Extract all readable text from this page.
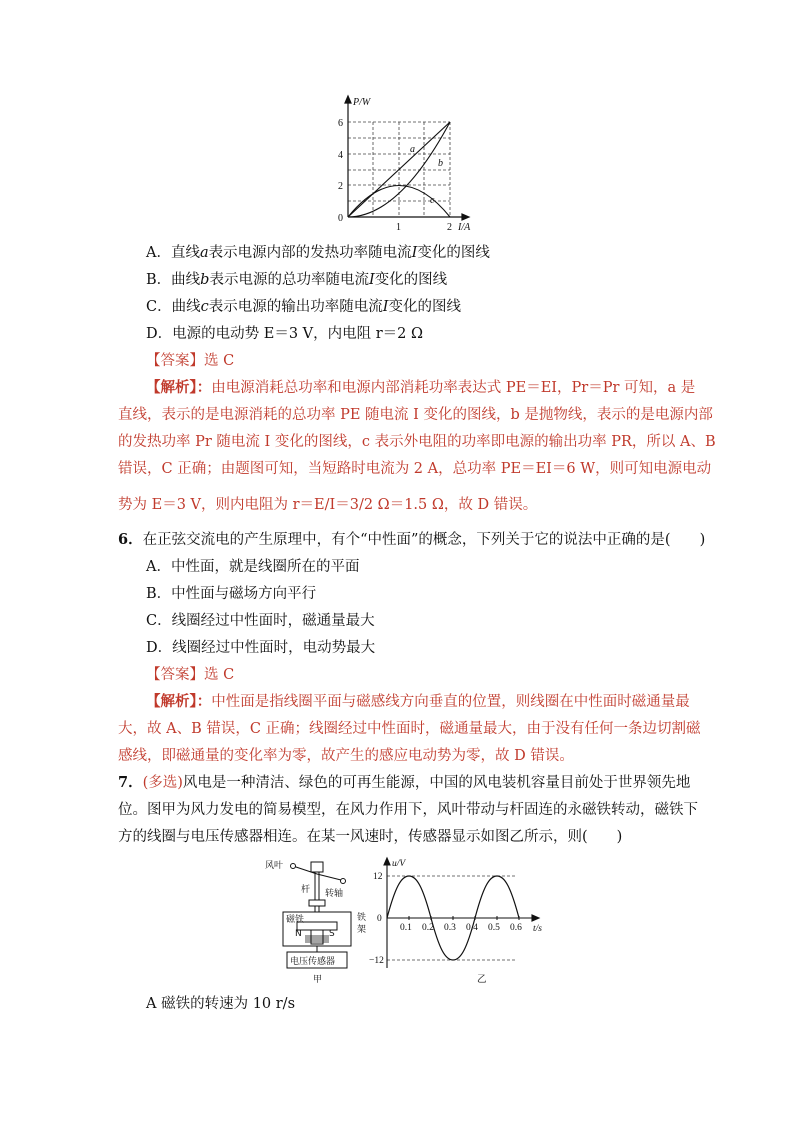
0
2
4
6
1	2
P/W
I/A
a
b
c
A．直线a表示电源内部的发热功率随电流I变化的图线
B．曲线b表示电源的总功率随电流I变化的图线
C．曲线c表示电源的输出功率随电流I变化的图线
D．电源的电动势 E＝3 V，内电阻 r＝2 Ω
【答案】选 C
【解析】：由电源消耗总功率和电源内部消耗功率表达式 PE＝EI，Pr＝Pr 可知，a 是
直线，表示的是电源消耗的总功率 PE 随电流 I 变化的图线，b 是抛物线，表示的是电源内部
的发热功率 Pr 随电流 I 变化的图线，c 表示外电阻的功率即电源的输出功率 PR，所以 A、B
错误，C 正确；由题图可知，当短路时电流为 2 A，总功率 PE＝EI＝6 W，则可知电源电动
势为 E＝3 V，则内电阻为 r＝E/I＝3/2 Ω＝1.5 Ω，故 D 错误。
6．在正弦交流电的产生原理中，有个“中性面”的概念，下列关于它的说法中正确的是(　　)
A．中性面，就是线圈所在的平面
B．中性面与磁场方向平行
C．线圈经过中性面时，磁通量最大
D．线圈经过中性面时，电动势最大
【答案】选 C
【解析】：中性面是指线圈平面与磁感线方向垂直的位置，则线圈在中性面时磁通量最
大，故 A、B 错误，C 正确；线圈经过中性面时，磁通量最大，由于没有任何一条边切割磁
感线，即磁通量的变化率为零，故产生的感应电动势为零，故 D 错误。
7．(多选)风电是一种清洁、绿色的可再生能源，中国的风电装机容量目前处于世界领先地
位。图甲为风力发电的简易模型，在风力作用下，风叶带动与杆固连的永磁铁转动，磁铁下
方的线圈与电压传感器相连。在某一风速时，传感器显示如图乙所示，则(　　)
风叶
杆 转轴
磁铁
N	S
铁
架
电压传感器
甲
u/V
t/s
12
0
−12
0.1 0.2 0.3 0.4 0.5 0.6
乙
A 磁铁的转速为 10 r/s
